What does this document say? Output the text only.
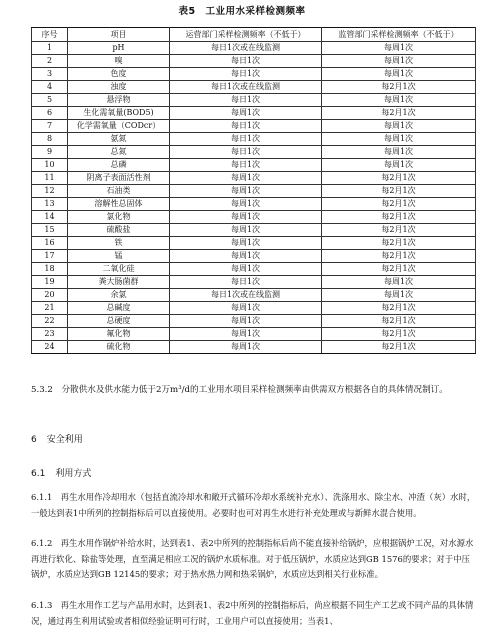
表5　工业用水采样检测频率
序号	项目	运营部门采样检测频率（不低于）	监管部门采样检测频率（不低于）
1	pH	每日1次或在线监测	每周1次
2	嗅	每日1次	每周1次
3	色度	每日1次	每周1次
4	浊度	每日1次或在线监测	每2月1次
5	悬浮物	每日1次	每周1次
6	生化需氧量(BOD5)	每周1次	每2月1次
7	化学需氧量（CODcr）	每日1次	每周1次
8	氨氮	每日1次	每周1次
9	总氮	每日1次	每周1次
10	总磷	每日1次	每周1次
11	阴离子表面活性剂	每周1次	每2月1次
12	石油类	每周1次	每2月1次
13	溶解性总固体	每周1次	每2月1次
14	氯化物	每周1次	每2月1次
15	硫酸盐	每周1次	每2月1次
16	铁	每周1次	每2月1次
17	锰	每周1次	每2月1次
18	二氧化硅	每周1次	每2月1次
19	粪大肠菌群	每日1次	每周1次
20	余氯	每日1次或在线监测	每周1次
21	总碱度	每周1次	每2月1次
22	总硬度	每周1次	每2月1次
23	氟化物	每周1次	每2月1次
24	硫化物	每周1次	每2月1次

5.3.2　分散供水及供水能力低于2万m³/d的工业用水项目采样检测频率由供需双方根据各自的具体情况制订。

6 安全利用
6.1 利用方式

6.1.1　再生水用作冷却用水（包括直流冷却水和敞开式循环冷却水系统补充水）、洗涤用水、除尘水、冲渣（灰）水时，一般达到表1中所列的控制指标后可以直接使用。必要时也可对再生水进行补充处理或与新鲜水混合使用。

6.1.2　再生水用作锅炉补给水时，达到表1、表2中所列的控制指标后尚不能直接补给锅炉，应根据锅炉工况，对水源水再进行软化、除盐等处理，直至满足相应工况的锅炉水质标准。对于低压锅炉，水质应达到GB 1576的要求；对于中压锅炉，水质应达到GB 12145的要求；对于热水热力网和热采锅炉，水质应达到相关行业标准。

6.1.3　再生水用作工艺与产品用水时，达到表1、表2中所列的控制指标后，尚应根据不同生产工艺或不同产品的具体情况，通过再生利用试验或者相似经验证明可行时，工业用户可以直接使用；当表1、
